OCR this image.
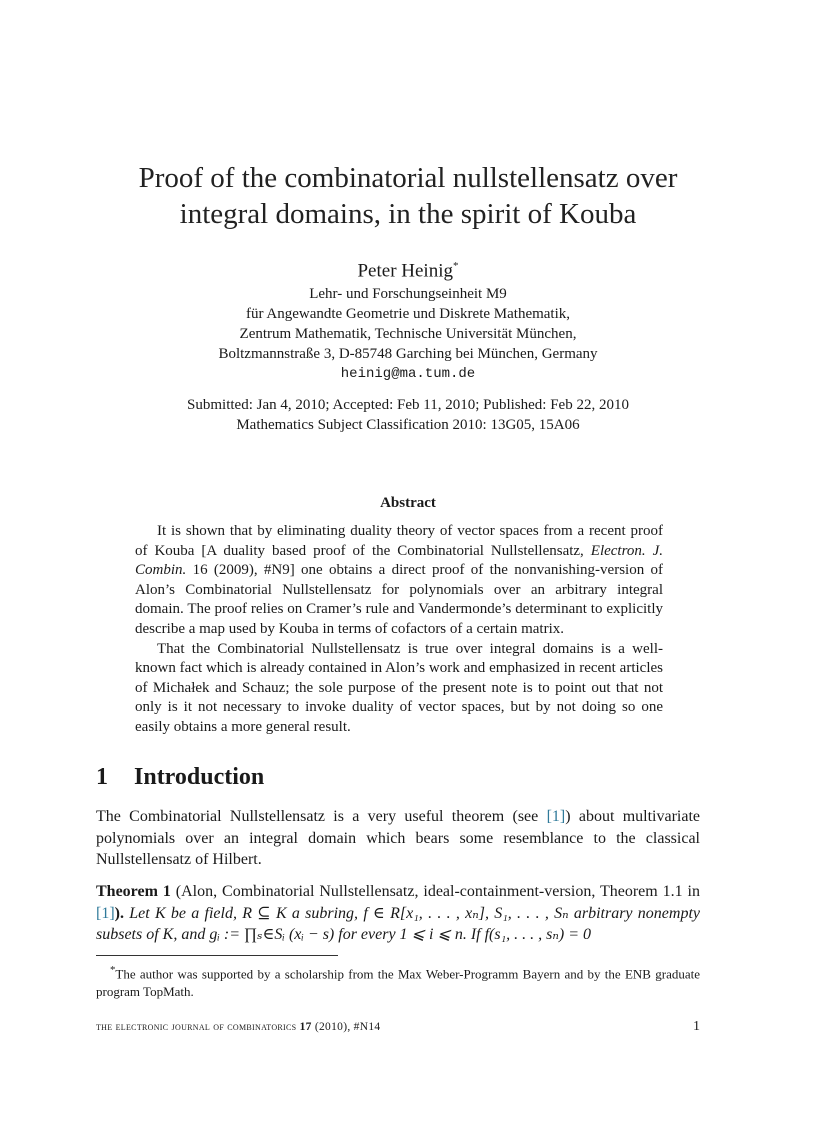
Proof of the combinatorial nullstellensatz over
integral domains, in the spirit of Kouba
Peter Heinig*
Lehr- und Forschungseinheit M9
für Angewandte Geometrie und Diskrete Mathematik,
Zentrum Mathematik, Technische Universität München,
Boltzmannstraße 3, D-85748 Garching bei München, Germany
heinig@ma.tum.de
Submitted: Jan 4, 2010; Accepted: Feb 11, 2010; Published: Feb 22, 2010
Mathematics Subject Classification 2010: 13G05, 15A06
Abstract

It is shown that by eliminating duality theory of vector spaces from a recent proof of Kouba [A duality based proof of the Combinatorial Nullstellensatz, Electron. J. Combin. 16 (2009), #N9] one obtains a direct proof of the nonvanishing-version of Alon’s Combinatorial Nullstellensatz for polynomials over an arbitrary integral domain. The proof relies on Cramer’s rule and Vandermonde’s determinant to explicitly describe a map used by Kouba in terms of cofactors of a certain matrix.

That the Combinatorial Nullstellensatz is true over integral domains is a well-known fact which is already contained in Alon’s work and emphasized in recent articles of Michałek and Schauz; the sole purpose of the present note is to point out that not only is it not necessary to invoke duality of vector spaces, but by not doing so one easily obtains a more general result.

1 Introduction
The Combinatorial Nullstellensatz is a very useful theorem (see [1]) about multivariate polynomials over an integral domain which bears some resemblance to the classical Nullstellensatz of Hilbert.
Theorem 1 (Alon, Combinatorial Nullstellensatz, ideal-containment-version, Theorem 1.1 in [1]). Let K be a field, R ⊆ K a subring, f ∈ R[x₁, . . . , xₙ], S₁, . . . , Sₙ arbitrary nonempty subsets of K, and gᵢ := ∏ₛ∈Sᵢ (xᵢ − s) for every 1 ⩽ i ⩽ n. If f(s₁, . . . , sₙ) = 0
*The author was supported by a scholarship from the Max Weber-Programm Bayern and by the ENB graduate program TopMath.
the electronic journal of combinatorics 17 (2010), #N14	1
